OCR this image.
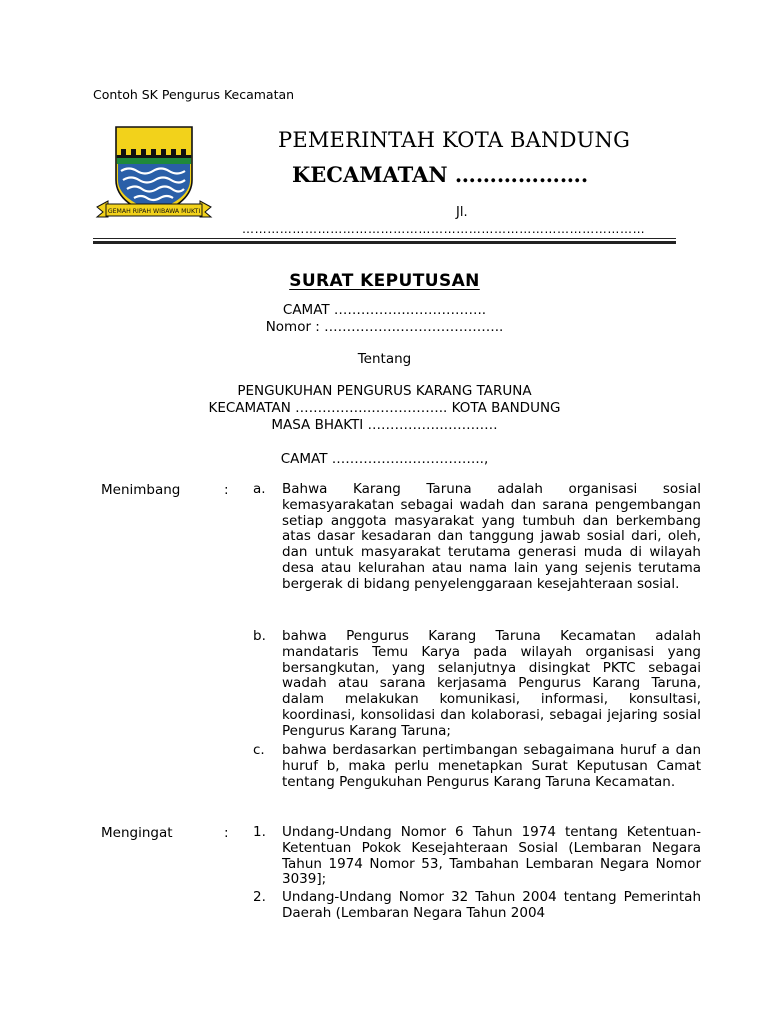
Contoh SK Pengurus Kecamatan
GEMAH RIPAH WIBAWA MUKTI
PEMERINTAH KOTA BANDUNG
KECAMATAN ……………….
Jl.
……………………………………………………………………………………
SURAT KEPUTUSAN
CAMAT ……………..……………..
Nomor : ……………..…………………..
Tentang
PENGUKUHAN PENGURUS KARANG TARUNA
KECAMATAN ……………..…………….. KOTA BANDUNG
MASA BHAKTI ……………..…………
CAMAT ……………..……………..,
Menimbang	: a. Bahwa Karang Taruna adalah organisasi sosial kemasyarakatan sebagai wadah dan sarana pengembangan setiap anggota masyarakat yang tumbuh dan berkembang atas dasar kesadaran dan tanggung jawab sosial dari, oleh, dan untuk masyarakat terutama generasi muda di wilayah desa atau kelurahan atau nama lain yang sejenis terutama bergerak di bidang penyelenggaraan kesejahteraan sosial.
b. bahwa Pengurus Karang Taruna Kecamatan adalah mandataris Temu Karya pada wilayah organisasi yang bersangkutan, yang selanjutnya disingkat PKTC sebagai wadah atau sarana kerjasama Pengurus Karang Taruna, dalam melakukan komunikasi, informasi, konsultasi, koordinasi, konsolidasi dan kolaborasi, sebagai jejaring sosial Pengurus Karang Taruna;
c. bahwa berdasarkan pertimbangan sebagaimana huruf a dan huruf b, maka perlu menetapkan Surat Keputusan Camat tentang Pengukuhan Pengurus Karang Taruna Kecamatan.
Mengingat	: 1. Undang-Undang Nomor 6 Tahun 1974 tentang Ketentuan-Ketentuan Pokok Kesejahteraan Sosial (Lembaran Negara Tahun 1974 Nomor 53, Tambahan Lembaran Negara Nomor 3039];
2. Undang-Undang Nomor 32 Tahun 2004 tentang Pemerintah Daerah (Lembaran Negara Tahun 2004
